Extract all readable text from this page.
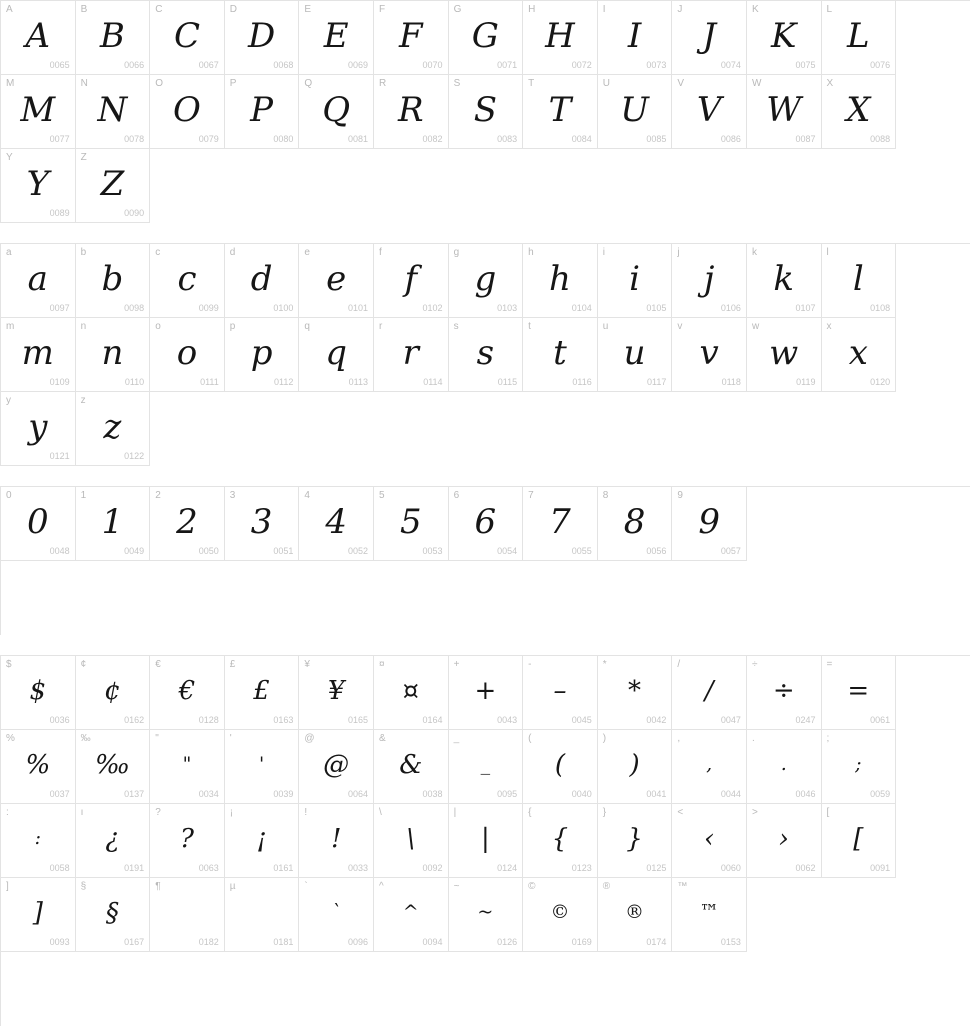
A
A
0065
B
B
0066
C
C
0067
D
D
0068
E
E
0069
F
F
0070
G
G
0071
H
H
0072
I
I
0073
J
J
0074
K
K
0075
L
L
0076
M
M
0077
N
N
0078
O
O
0079
P
P
0080
Q
Q
0081
R
R
0082
S
S
0083
T
T
0084
U
U
0085
V
V
0086
W
W
0087
X
X
0088
Y
Y
0089
Z
Z
0090
a
a
0097
b
b
0098
c
c
0099
d
d
0100
e
e
0101
f
f
0102
g
g
0103
h
h
0104
i
i
0105
j
j
0106
k
k
0107
l
l
0108
m
m
0109
n
n
0110
o
o
0111
p
p
0112
q
q
0113
r
r
0114
s
s
0115
t
t
0116
u
u
0117
v
v
0118
w
w
0119
x
x
0120
y
y
0121
z
z
0122
0
0
0048
1
1
0049
2
2
0050
3
3
0051
4
4
0052
5
5
0053
6
6
0054
7
7
0055
8
8
0056
9
9
0057
$
$
0036
¢
¢
0162
€
€
0128
£
£
0163
¥
¥
0165
¤
¤
0164
+
+
0043
-
–
0045
*
*
0042
/
/
0047
÷
÷
0247
=
=
0061
%
%
0037
‰
‰
0137
"
"
0034
'
'
0039
@
@
0064
&
&
0038
_
_
0095
(
(
0040
)
)
0041
,
,
0044
.
.
0046
;
;
0059
:
:
0058
ı
¿
0191
?
?
0063
¡
¡
0161
!
!
0033
\
\
0092
|
|
0124
{
{
0123
}
}
0125
<
‹
0060
>
›
0062
[
[
0091
]
]
0093
§
§
0167
¶
0182
µ
0181
`
`
0096
^
^
0094
~
~
0126
©
©
0169
®
®
0174
™
™
0153
